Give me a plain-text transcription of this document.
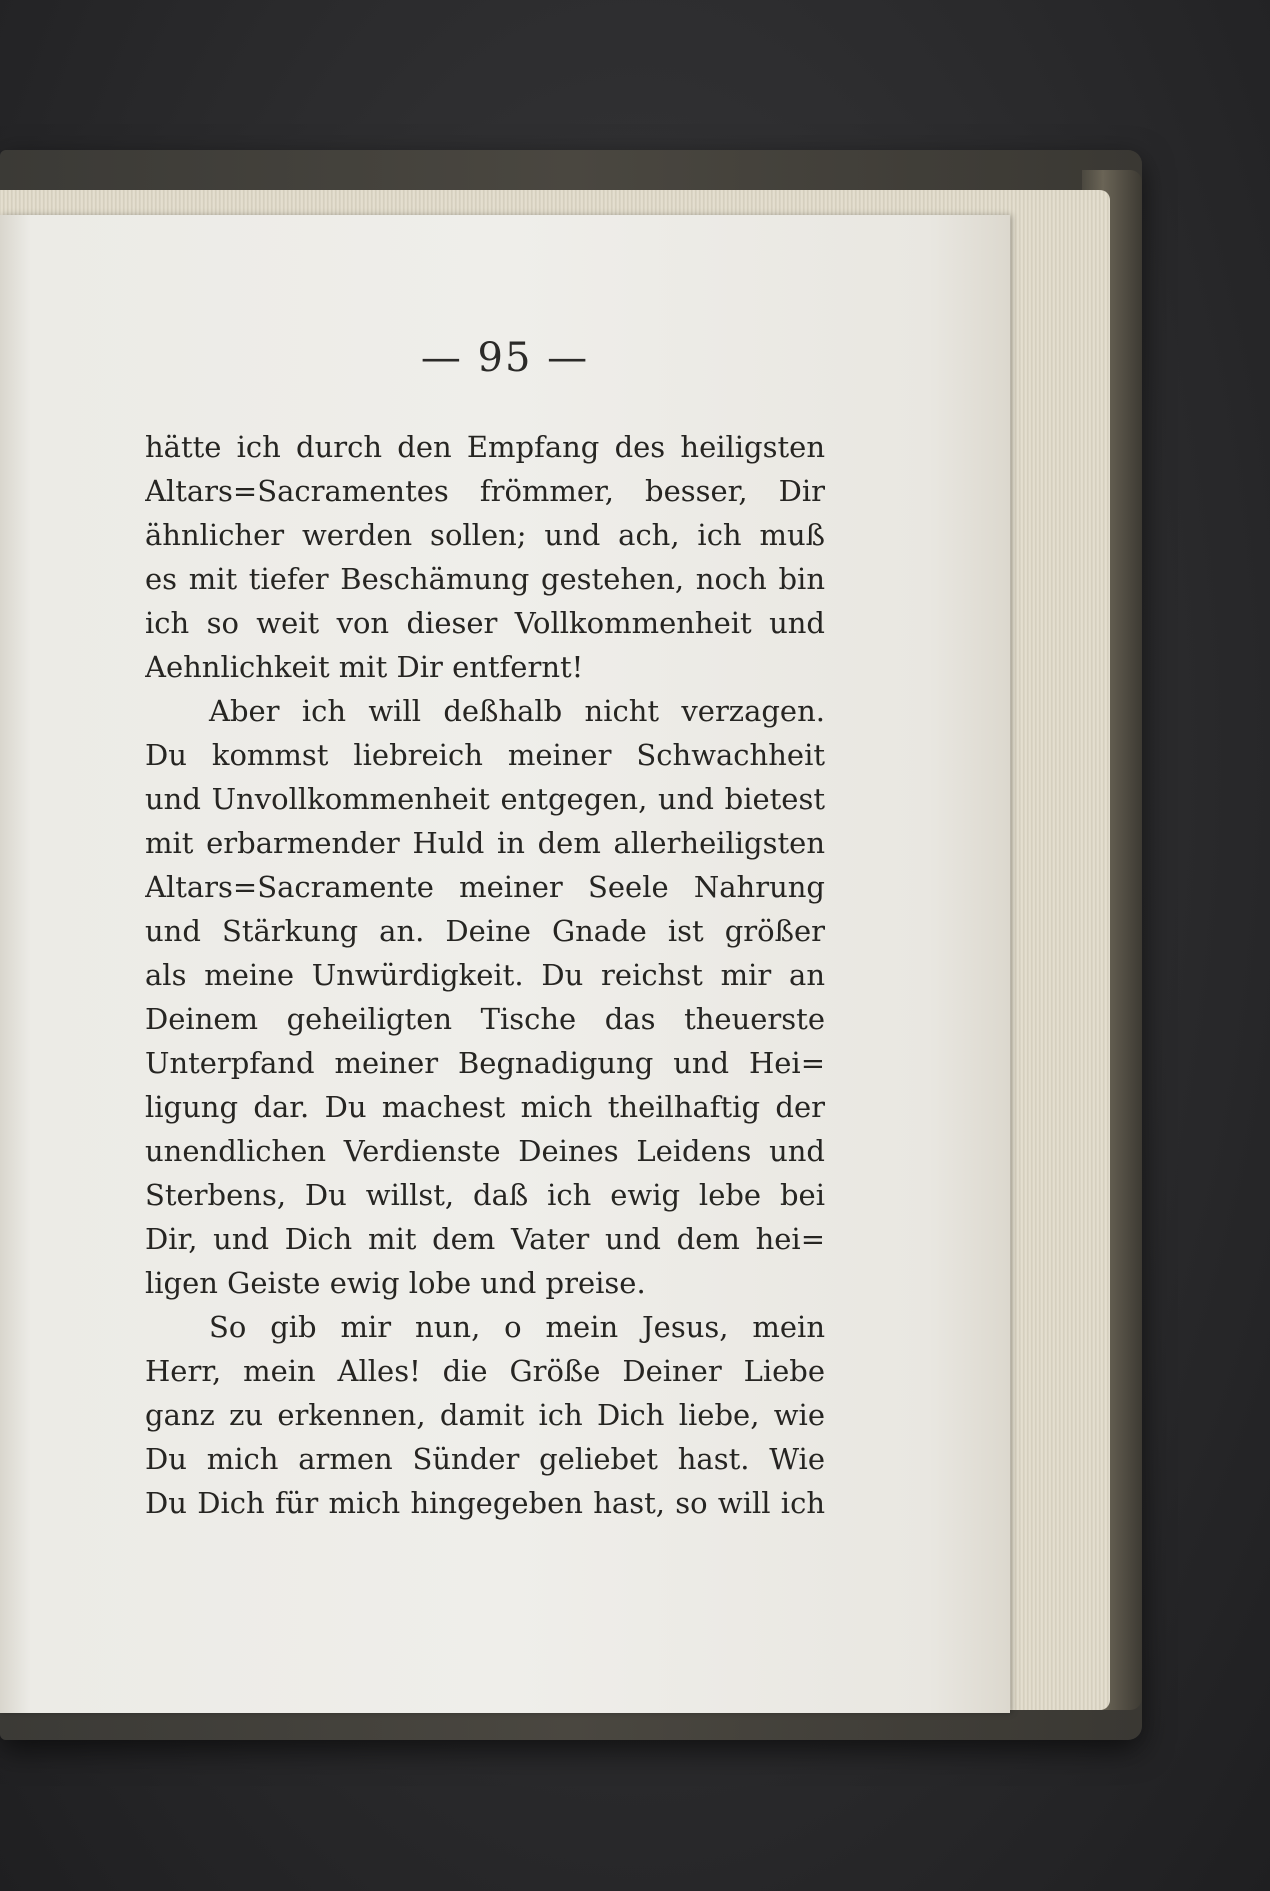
— 95 —
hätte ich durch den Empfang des heiligsten
Altars=Sacramentes frömmer, besser, Dir
ähnlicher werden sollen; und ach, ich muß
es mit tiefer Beschämung gestehen, noch bin
ich so weit von dieser Vollkommenheit und
Aehnlichkeit mit Dir entfernt!
Aber ich will deßhalb nicht verzagen.
Du kommst liebreich meiner Schwachheit
und Unvollkommenheit entgegen, und bietest
mit erbarmender Huld in dem allerheiligsten
Altars=Sacramente meiner Seele Nahrung
und Stärkung an. Deine Gnade ist größer
als meine Unwürdigkeit. Du reichst mir an
Deinem geheiligten Tische das theuerste
Unterpfand meiner Begnadigung und Hei=
ligung dar. Du machest mich theilhaftig der
unendlichen Verdienste Deines Leidens und
Sterbens, Du willst, daß ich ewig lebe bei
Dir, und Dich mit dem Vater und dem hei=
ligen Geiste ewig lobe und preise.
So gib mir nun, o mein Jesus, mein
Herr, mein Alles! die Größe Deiner Liebe
ganz zu erkennen, damit ich Dich liebe, wie
Du mich armen Sünder geliebet hast. Wie
Du Dich für mich hingegeben hast, so will ich
